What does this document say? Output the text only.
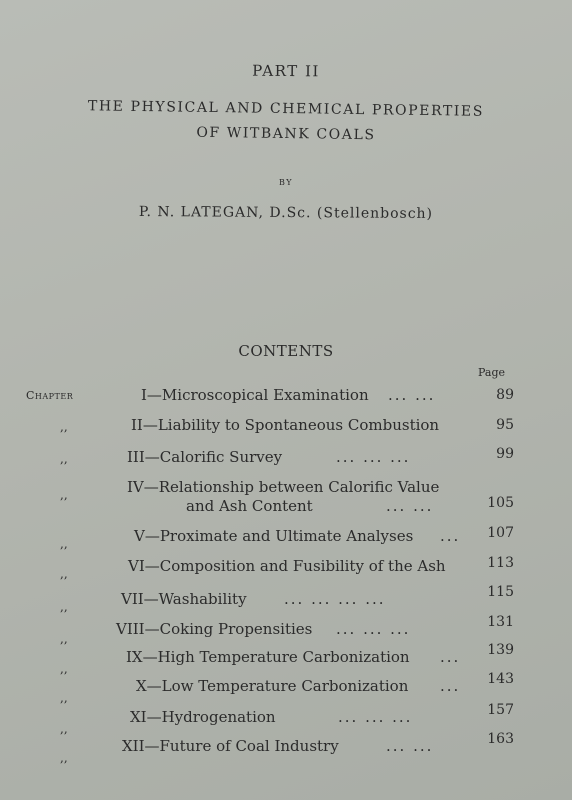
PART II
THE PHYSICAL AND CHEMICAL PROPERTIES
OF WITBANK COALS
BY
P. N. LATEGAN, D.Sc. (Stellenbosch)
CONTENTS
Page
Chapter	I—Microscopical Examination ... ...	89
,,	II—Liability to Spontaneous Combustion	95
,,	III—Calorific Survey	... ... ...	99
,,	IV—Relationship between Calorific Value
and Ash Content	... ...	105
,,	V—Proximate and Ultimate Analyses ...	107
,,	VI—Composition and Fusibility of the Ash	113
,,	VII—Washability ... ... ... ...	115
,,
VIII—Coking Propensities ... ... ...	131
,,
IX—High Temperature Carbonization ...	139
,,
X—Low Temperature Carbonization ...	143
,,
XI—Hydrogenation	... ... ...	157
,,
XII—Future of Coal Industry	... ...	163
